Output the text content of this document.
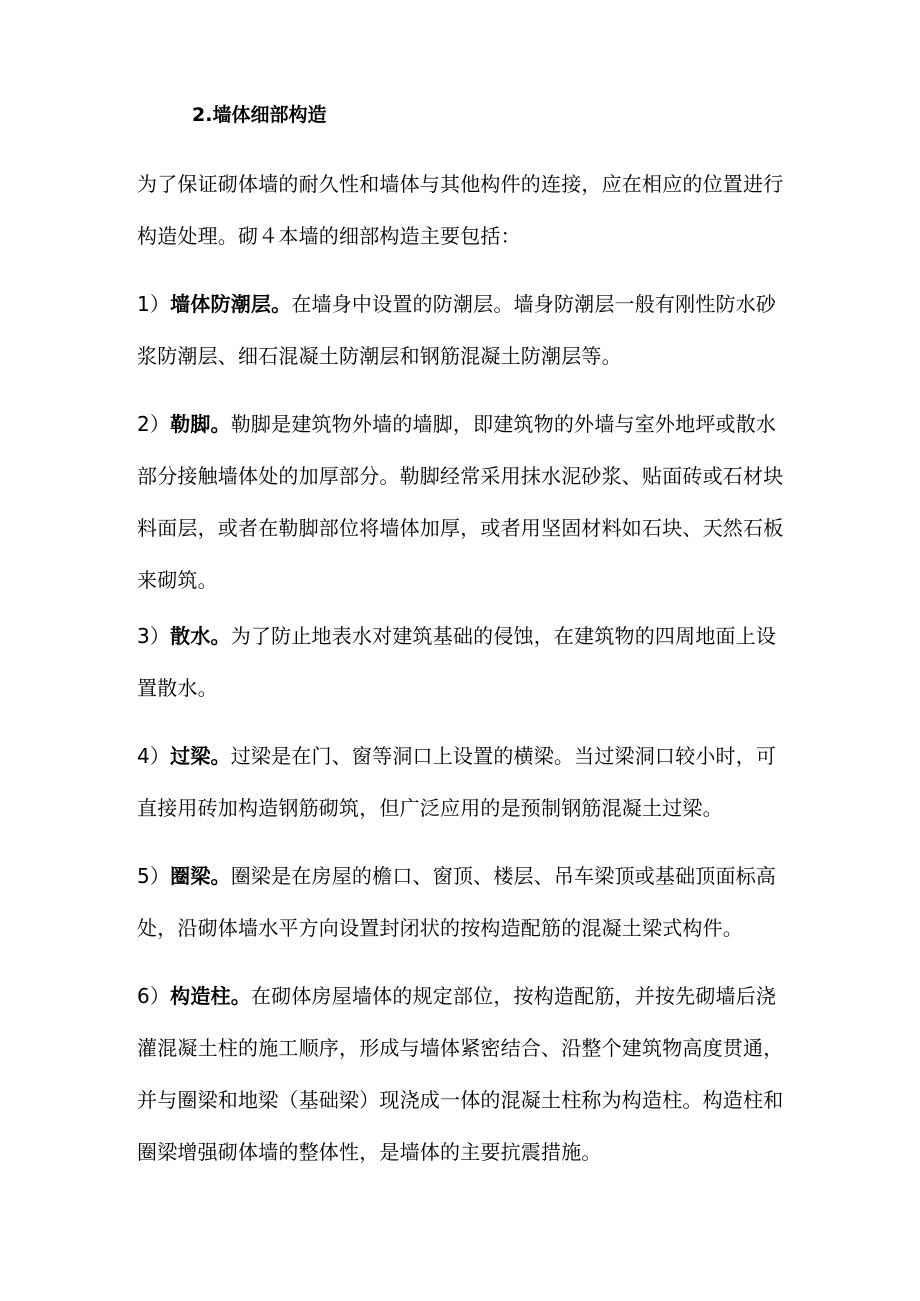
2.墙体细部构造

为了保证砌体墙的耐久性和墙体与其他构件的连接，应在相应的位置进行构造处理。砌４本墙的细部构造主要包括：

1）墙体防潮层。在墙身中设置的防潮层。墙身防潮层一般有刚性防水砂浆防潮层、细石混凝土防潮层和钢筋混凝土防潮层等。

2）勒脚。勒脚是建筑物外墙的墙脚，即建筑物的外墙与室外地坪或散水部分接触墙体处的加厚部分。勒脚经常采用抹水泥砂浆、贴面砖或石材块料面层，或者在勒脚部位将墙体加厚，或者用坚固材料如石块、天然石板来砌筑。

3）散水。为了防止地表水对建筑基础的侵蚀，在建筑物的四周地面上设置散水。

4）过梁。过梁是在门、窗等洞口上设置的横梁。当过梁洞口较小时，可直接用砖加构造钢筋砌筑，但广泛应用的是预制钢筋混凝土过梁。

5）圈梁。圈梁是在房屋的檐口、窗顶、楼层、吊车梁顶或基础顶面标高处，沿砌体墙水平方向设置封闭状的按构造配筋的混凝土梁式构件。

6）构造柱。在砌体房屋墙体的规定部位，按构造配筋，并按先砌墙后浇灌混凝土柱的施工顺序，形成与墙体紧密结合、沿整个建筑物高度贯通，并与圈梁和地梁（基础梁）现浇成一体的混凝土柱称为构造柱。构造柱和圈梁增强砌体墙的整体性，是墙体的主要抗震措施。
